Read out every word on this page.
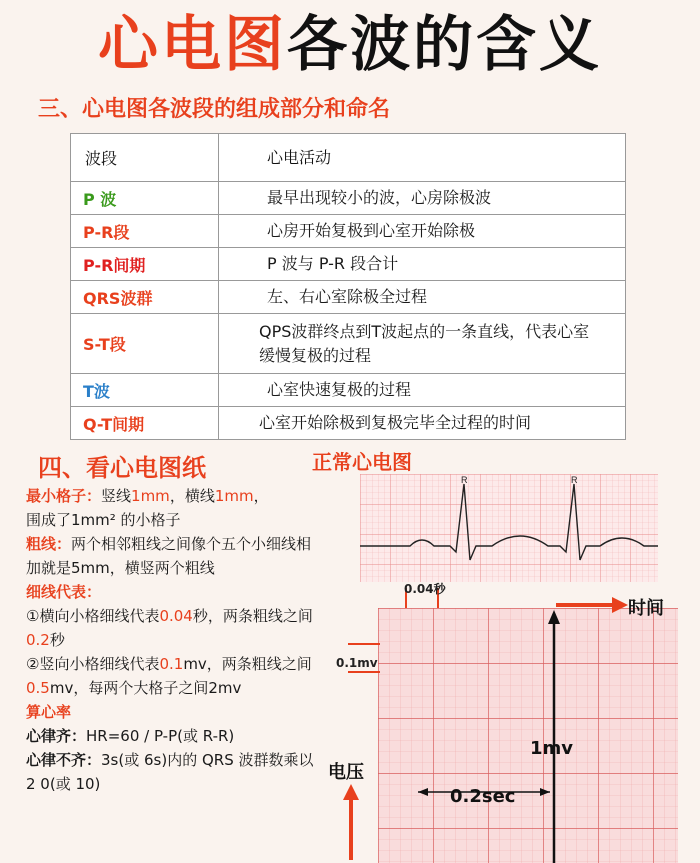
心电图各波的含义
三、心电图各波段的组成部分和命名
波段	心电活动
P 波	最早出现较小的波，心房除极波
P-R段	心房开始复极到心室开始除极
P-R间期	P 波与 P-R 段合计
QRS波群	左、右心室除极全过程
S-T段	QPS波群终点到T波起点的一条直线，代表心室缓慢复极的过程
T波	心室快速复极的过程
Q-T间期	心室开始除极到复极完毕全过程的时间
四、看心电图纸	正常心电图

最小格子：竖线1mm，横线1mm，

围成了1mm² 的小格子

粗线：两个相邻粗线之间像个五个小细线相加就是5mm，横竖两个粗线

细线代表：

①横向小格细线代表0.04秒，两条粗线之间0.2秒

②竖向小格细线代表0.1mv，两条粗线之间0.5mv，每两个大格子之间2mv

算心率

心律齐：HR=60 / P-P(或 R-R)

心律不齐：3s(或 6s)内的 QRS 波群数乘以 2 0(或 10)

R	R
0.04秒
0.1mv
时间
电压
1mv
0.2sec
